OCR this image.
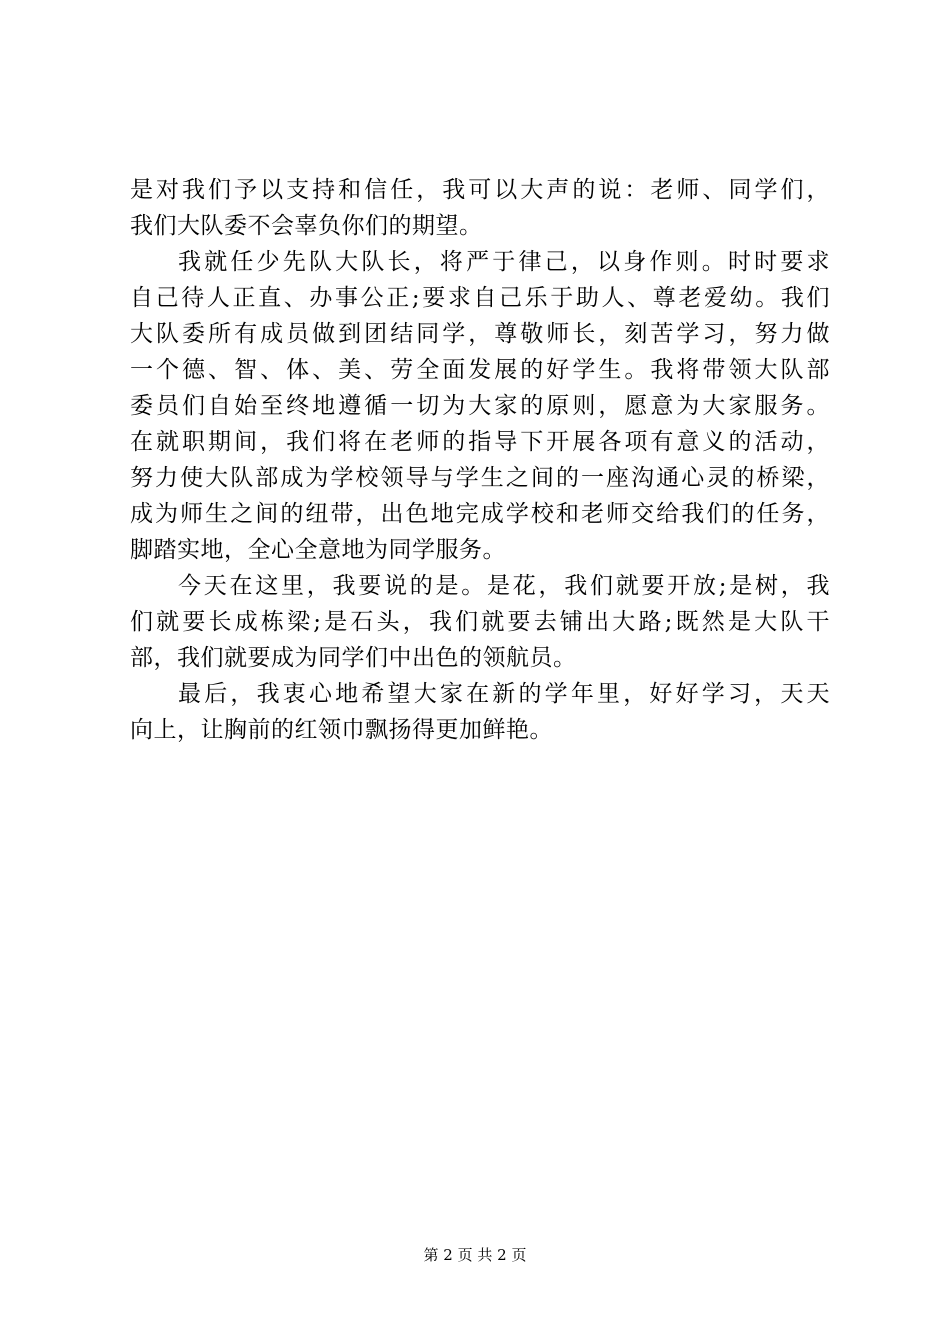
是对我们予以支持和信任，我可以大声的说：老师、同学们，
我们大队委不会辜负你们的期望。
我就任少先队大队长，将严于律己，以身作则。时时要求
自己待人正直、办事公正;要求自己乐于助人、尊老爱幼。我们
大队委所有成员做到团结同学，尊敬师长，刻苦学习，努力做
一个德、智、体、美、劳全面发展的好学生。我将带领大队部
委员们自始至终地遵循一切为大家的原则，愿意为大家服务。
在就职期间，我们将在老师的指导下开展各项有意义的活动，
努力使大队部成为学校领导与学生之间的一座沟通心灵的桥梁，
成为师生之间的纽带，出色地完成学校和老师交给我们的任务，
脚踏实地，全心全意地为同学服务。
今天在这里，我要说的是。是花，我们就要开放;是树，我
们就要长成栋梁;是石头，我们就要去铺出大路;既然是大队干
部，我们就要成为同学们中出色的领航员。
最后，我衷心地希望大家在新的学年里，好好学习，天天
向上，让胸前的红领巾飘扬得更加鲜艳。
第 2 页 共 2 页
